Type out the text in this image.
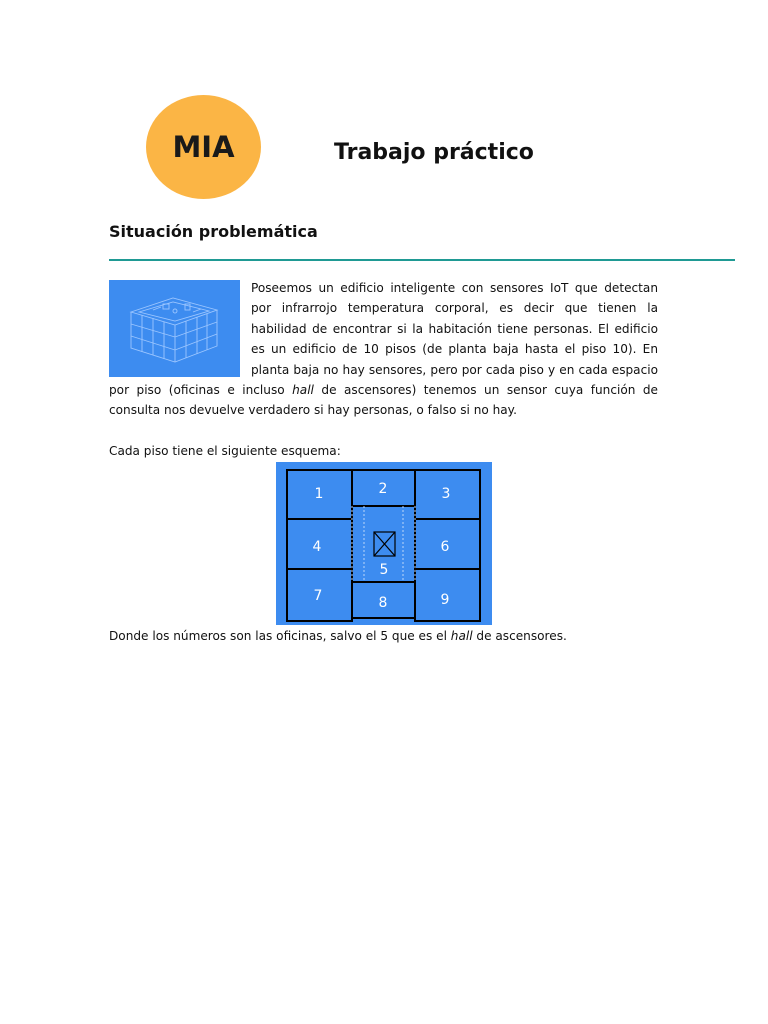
MIA	Trabajo práctico
Situación problemática

Poseemos un edificio inteligente con sensores IoT que detectan por infrarrojo temperatura corporal, es decir que tienen la habilidad de encontrar si la habitación tiene personas. El edificio es un edificio de 10 pisos (de planta baja hasta el piso 10). En planta baja no hay sensores, pero por cada piso y en cada espacio por piso (oficinas e incluso hall de ascensores) tenemos un sensor cuya función de consulta nos devuelve verdadero si hay personas, o falso si no hay.

Cada piso tiene el siguiente esquema:

1	2	3
4
5
6
7	8	9

Donde los números son las oficinas, salvo el 5 que es el hall de ascensores.
